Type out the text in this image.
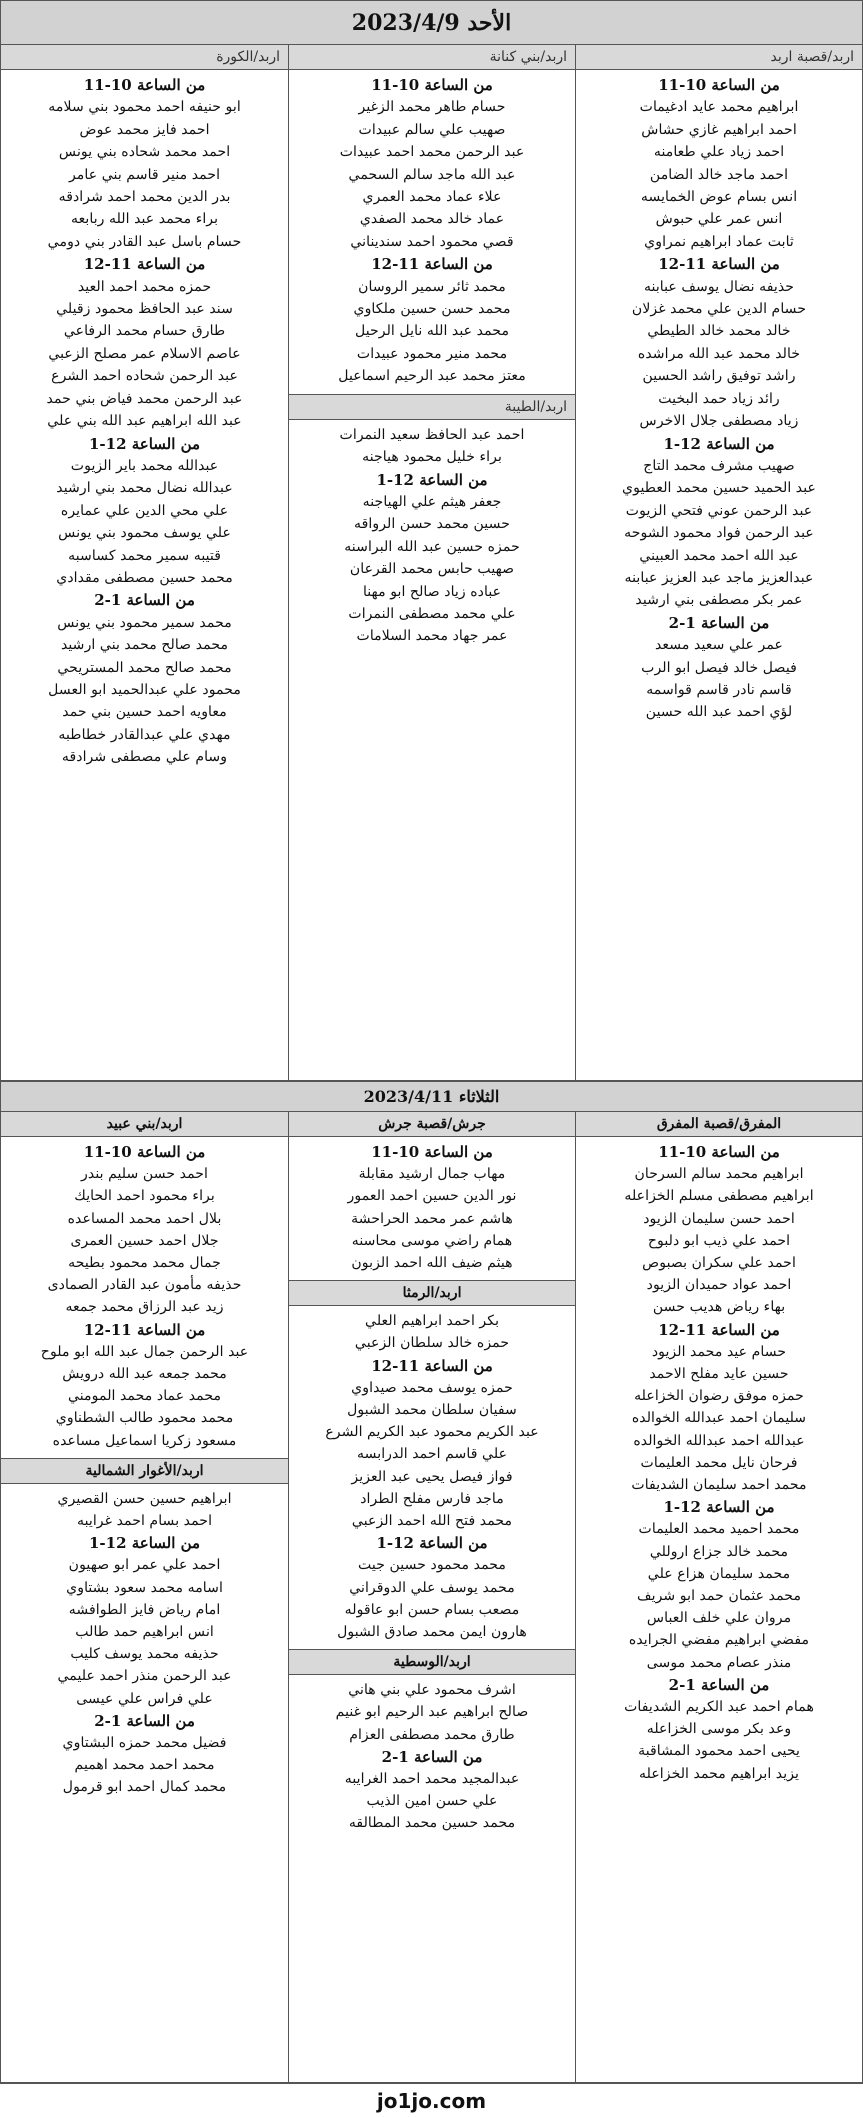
الأحد 2023/4/9
اربد/قصبة اربد
من الساعة 10-11
ابراهيم محمد عايد ادغيمات
احمد ابراهيم غازي حشاش
احمد زياد علي طعامنه
احمد ماجد خالد الضامن
انس بسام عوض الخمايسه
انس عمر علي حبوش
ثابت عماد ابراهيم نمراوي
من الساعة 11-12
حذيفه نضال يوسف عبابنه
حسام الدين علي محمد غزلان
خالد محمد خالد الطيطي
خالد محمد عبد الله مراشده
راشد توفيق راشد الحسين
رائد زياد حمد البخيت
زياد مصطفى جلال الاخرس
من الساعة 12-1
صهيب مشرف محمد التاج
عبد الحميد حسين محمد العطيوي
عبد الرحمن عوني فتحي الزيوت
عبد الرحمن فواد محمود الشوحه
عبد الله احمد محمد العبيني
عبدالعزيز ماجد عبد العزيز عبابنه
عمر بكر مصطفى بني ارشيد
من الساعة 1-2
عمر علي سعيد مسعد
فيصل خالد فيصل ابو الرب
قاسم نادر قاسم قواسمه
لؤي احمد عبد الله حسين
اربد/بني كنانة
من الساعة 10-11
حسام طاهر محمد الزغير
صهيب علي سالم عبيدات
عبد الرحمن محمد احمد عبيدات
عبد الله ماجد سالم السحمي
علاء عماد محمد العمري
عماد خالد محمد الصفدي
قصي محمود احمد سنديناني
من الساعة 11-12
محمد ثائر سمير الروسان
محمد حسن حسين ملكاوي
محمد عبد الله نايل الرحيل
محمد منير محمود عبيدات
معتز محمد عبد الرحيم اسماعيل
اربد/الطيبة
احمد عبد الحافظ سعيد النمرات
براء خليل محمود هياجنه
من الساعة 12-1
جعفر هيثم علي الهياجنه
حسين محمد حسن الرواقه
حمزه حسين عبد الله البراسنه
صهيب حابس محمد القرعان
عباده زياد صالح ابو مهنا
علي محمد مصطفى النمرات
عمر جهاد محمد السلامات
اربد/الكورة
من الساعة 10-11
ابو حنيفه احمد محمود بني سلامه
احمد فايز محمد عوض
احمد محمد شحاده بني يونس
احمد منير قاسم بني عامر
بدر الدين محمد احمد شرادقه
براء محمد عبد الله ربابعه
حسام باسل عبد القادر بني دومي
من الساعة 11-12
حمزه محمد احمد العيد
سند عبد الحافظ محمود زقيلي
طارق حسام محمد الرفاعي
عاصم الاسلام عمر مصلح الزعبي
عبد الرحمن شحاده احمد الشرع
عبد الرحمن محمد فياض بني حمد
عبد الله ابراهيم عبد الله بني علي
من الساعة 12-1
عبدالله محمد باير الزيوت
عبدالله نضال محمد بني ارشيد
علي محي الدين علي عمايره
علي يوسف محمود بني يونس
قتيبه سمير محمد كساسبه
محمد حسين مصطفى مقدادي
من الساعة 1-2
محمد سمير محمود بني يونس
محمد صالح محمد بني ارشيد
محمد صالح محمد المستريحي
محمود علي عبدالحميد ابو العسل
معاويه احمد حسين بني حمد
مهدي علي عبدالقادر خطاطبه
وسام علي مصطفى شرادقه
الثلاثاء 2023/4/11
المفرق/قصبة المفرق
من الساعة 10-11
ابراهيم محمد سالم السرحان
ابراهيم مصطفى مسلم الخزاعله
احمد حسن سليمان الزيود
احمد علي ذيب ابو دلبوح
احمد علي سكران بصبوص
احمد عواد حميدان الزيود
بهاء رياض هديب حسن
من الساعة 11-12
حسام عيد محمد الزيود
حسين عايد مفلح الاحمد
حمزه موفق رضوان الخزاعله
سليمان احمد عبدالله الخوالده
عبدالله احمد عبدالله الخوالده
فرحان نايل محمد العليمات
محمد احمد سليمان الشديفات
من الساعة 12-1
محمد احميد محمد العليمات
محمد خالد جزاع اروللي
محمد سليمان هزاع علي
محمد عثمان حمد ابو شريف
مروان علي خلف العباس
مفضي ابراهيم مفضي الجرايده
منذر عصام محمد موسى
من الساعة 1-2
همام احمد عبد الكريم الشديفات
وعد بكر موسى الخزاعله
يحيى احمد محمود المشاقبة
يزيد ابراهيم محمد الخزاعله
جرش/قصبة جرش
من الساعة 10-11
مهاب جمال ارشيد مقابلة
نور الدين حسين احمد العمور
هاشم عمر محمد الحراحشة
همام راضي موسى محاسنه
هيثم ضيف الله احمد الزبون
اربد/الرمثا
بكر احمد ابراهيم العلي
حمزه خالد سلطان الزعبي
من الساعة 11-12
حمزه يوسف محمد صيداوي
سفيان سلطان محمد الشبول
عبد الكريم محمود عبد الكريم الشرع
علي قاسم احمد الدرابسه
فواز فيصل يحيى عبد العزيز
ماجد فارس مفلح الطراد
محمد فتح الله احمد الزعبي
من الساعة 12-1
محمد محمود حسين جيت
محمد يوسف علي الدوقراني
مصعب بسام حسن ابو عاقوله
هارون ايمن محمد صادق الشبول
اربد/الوسطية
اشرف محمود علي بني هاني
صالح ابراهيم عبد الرحيم ابو غنيم
طارق محمد مصطفى العزام
من الساعة 1-2
عبدالمجيد محمد احمد الغرايبه
علي حسن امين الذيب
محمد حسين محمد المطالقه
اربد/بني عبيد
من الساعة 10-11
احمد حسن سليم بندر
براء محمود احمد الحايك
بلال احمد محمد المساعده
جلال احمد حسين العمرى
جمال محمد محمود بطيحه
حذيفه مأمون عبد القادر الصمادى
زيد عبد الرزاق محمد جمعه
من الساعة 11-12
عبد الرحمن جمال عبد الله ابو ملوح
محمد جمعه عبد الله درويش
محمد عماد محمد المومني
محمد محمود طالب الشطناوي
مسعود زكريا اسماعيل مساعده
اربد/الأغوار الشمالية
ابراهيم حسين حسن القصيري
احمد بسام احمد غرايبه
من الساعة 12-1
احمد علي عمر ابو صهيون
اسامه محمد سعود بشتاوي
امام رياض فايز الطوافشه
انس ابراهيم حمد طالب
حذيفه محمد يوسف كليب
عبد الرحمن منذر احمد عليمي
علي فراس علي عيسى
من الساعة 1-2
فضيل محمد حمزه البشتاوي
محمد احمد محمد اهميم
محمد كمال احمد ابو قرمول
jo1jo.com
